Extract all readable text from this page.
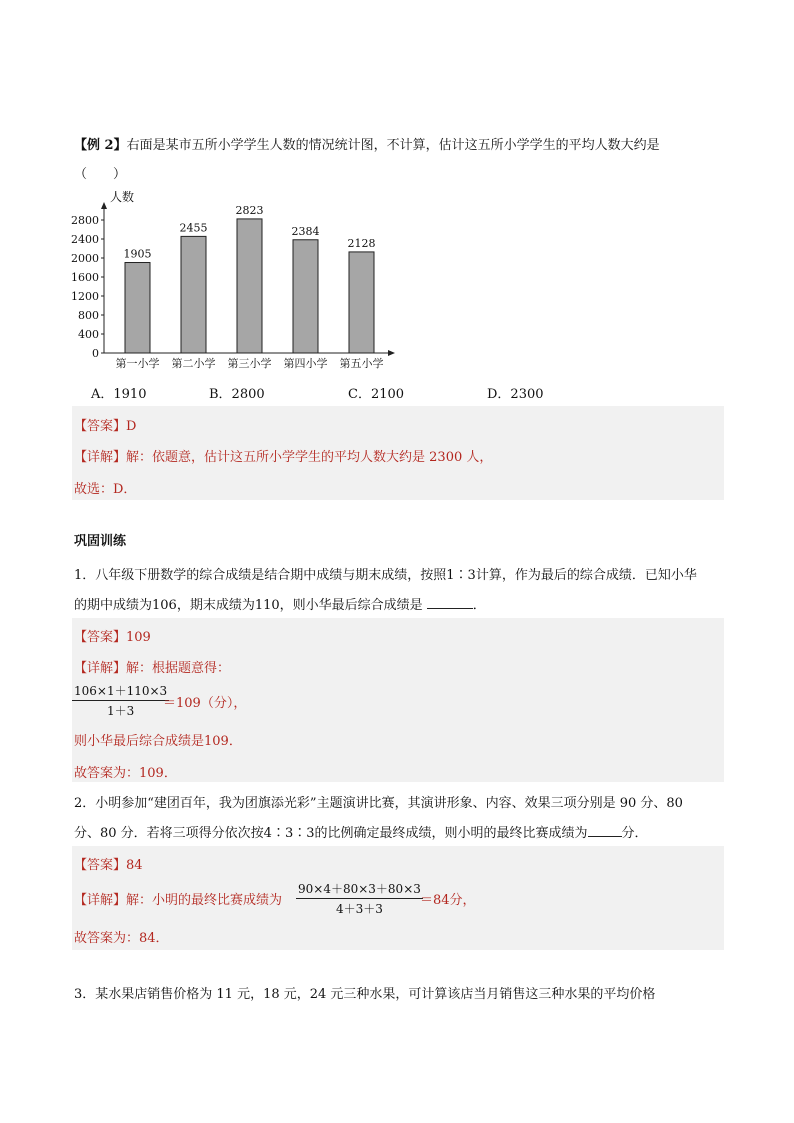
【例 2】右面是某市五所小学学生人数的情况统计图，不计算，估计这五所小学学生的平均人数大约是
（　　）
人数
0
400
800
1200
1600
2000
2400
2800
1905
第一小学
2455
第二小学
2823
第三小学
2384
第四小学
2128
第五小学
A．1910	B．2800	C．2100	D．2300
【答案】D
【详解】解：依题意，估计这五所小学学生的平均人数大约是 2300 人，
故选：D．
巩固训练
1．八年级下册数学的综合成绩是结合期中成绩与期末成绩，按照1∶3计算，作为最后的综合成绩．已知小华
的期中成绩为106，期末成绩为110，则小华最后综合成绩是	．
【答案】109
【详解】解：根据题意得：
$\frac{106\times 1+110\times 3}{1+3}$
＝109（分），
则小华最后综合成绩是109．
故答案为：109．
2．小明参加“建团百年，我为团旗添光彩”主题演讲比赛，其演讲形象、内容、效果三项分别是 90 分、80
分、80 分．若将三项得分依次按4∶3∶3的比例确定最终成绩，则小明的最终比赛成绩为	分．
【答案】84
【详解】解：小明的最终比赛成绩为 $\frac{90\times 4+80\times 3+80\times 3}{4+3+3}$
＝84分，
故答案为：84．
3．某水果店销售价格为 11 元，18 元，24 元三种水果，可计算该店当月销售这三种水果的平均价格
